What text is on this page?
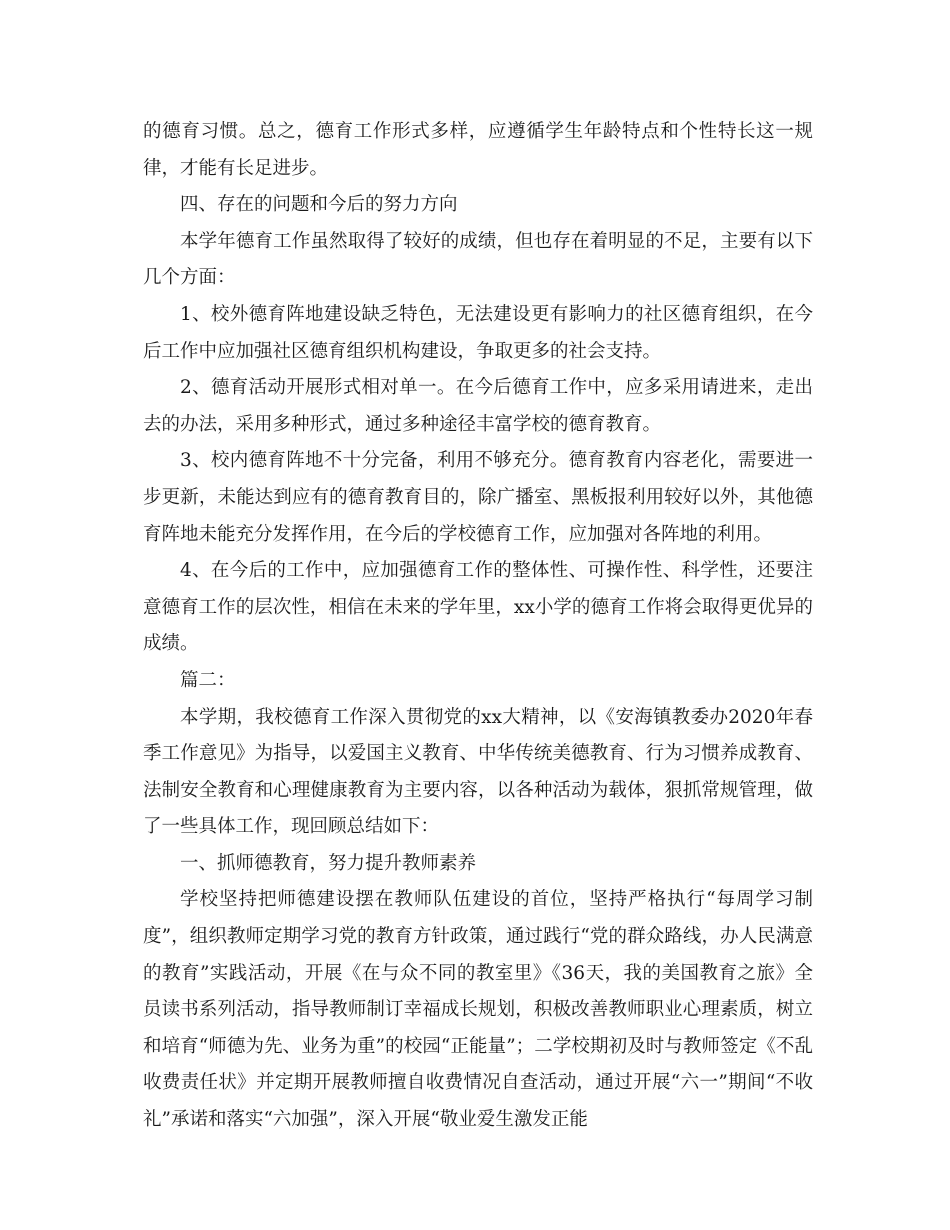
的德育习惯。总之，德育工作形式多样，应遵循学生年龄特点和个性特长这一规律，才能有长足进步。

四、存在的问题和今后的努力方向

本学年德育工作虽然取得了较好的成绩，但也存在着明显的不足，主要有以下几个方面：

1、校外德育阵地建设缺乏特色，无法建设更有影响力的社区德育组织，在今后工作中应加强社区德育组织机构建设，争取更多的社会支持。

2、德育活动开展形式相对单一。在今后德育工作中，应多采用请进来，走出去的办法，采用多种形式，通过多种途径丰富学校的德育教育。

3、校内德育阵地不十分完备，利用不够充分。德育教育内容老化，需要进一步更新，未能达到应有的德育教育目的，除广播室、黑板报利用较好以外，其他德育阵地未能充分发挥作用，在今后的学校德育工作，应加强对各阵地的利用。

4、在今后的工作中，应加强德育工作的整体性、可操作性、科学性，还要注意德育工作的层次性，相信在未来的学年里，xx小学的德育工作将会取得更优异的成绩。

篇二：

本学期，我校德育工作深入贯彻党的xx大精神，以《安海镇教委办2020年春季工作意见》为指导，以爱国主义教育、中华传统美德教育、行为习惯养成教育、法制安全教育和心理健康教育为主要内容，以各种活动为载体，狠抓常规管理，做了一些具体工作，现回顾总结如下：

一、抓师德教育，努力提升教师素养

学校坚持把师德建设摆在教师队伍建设的首位，坚持严格执行“每周学习制度”，组织教师定期学习党的教育方针政策，通过践行“党的群众路线，办人民满意的教育”实践活动，开展《在与众不同的教室里》《36天，我的美国教育之旅》全员读书系列活动，指导教师制订幸福成长规划，积极改善教师职业心理素质，树立和培育“师德为先、业务为重”的校园“正能量”；二学校期初及时与教师签定《不乱收费责任状》并定期开展教师擅自收费情况自查活动，通过开展“六一”期间“不收礼”承诺和落实“六加强”，深入开展“敬业爱生激发正能
